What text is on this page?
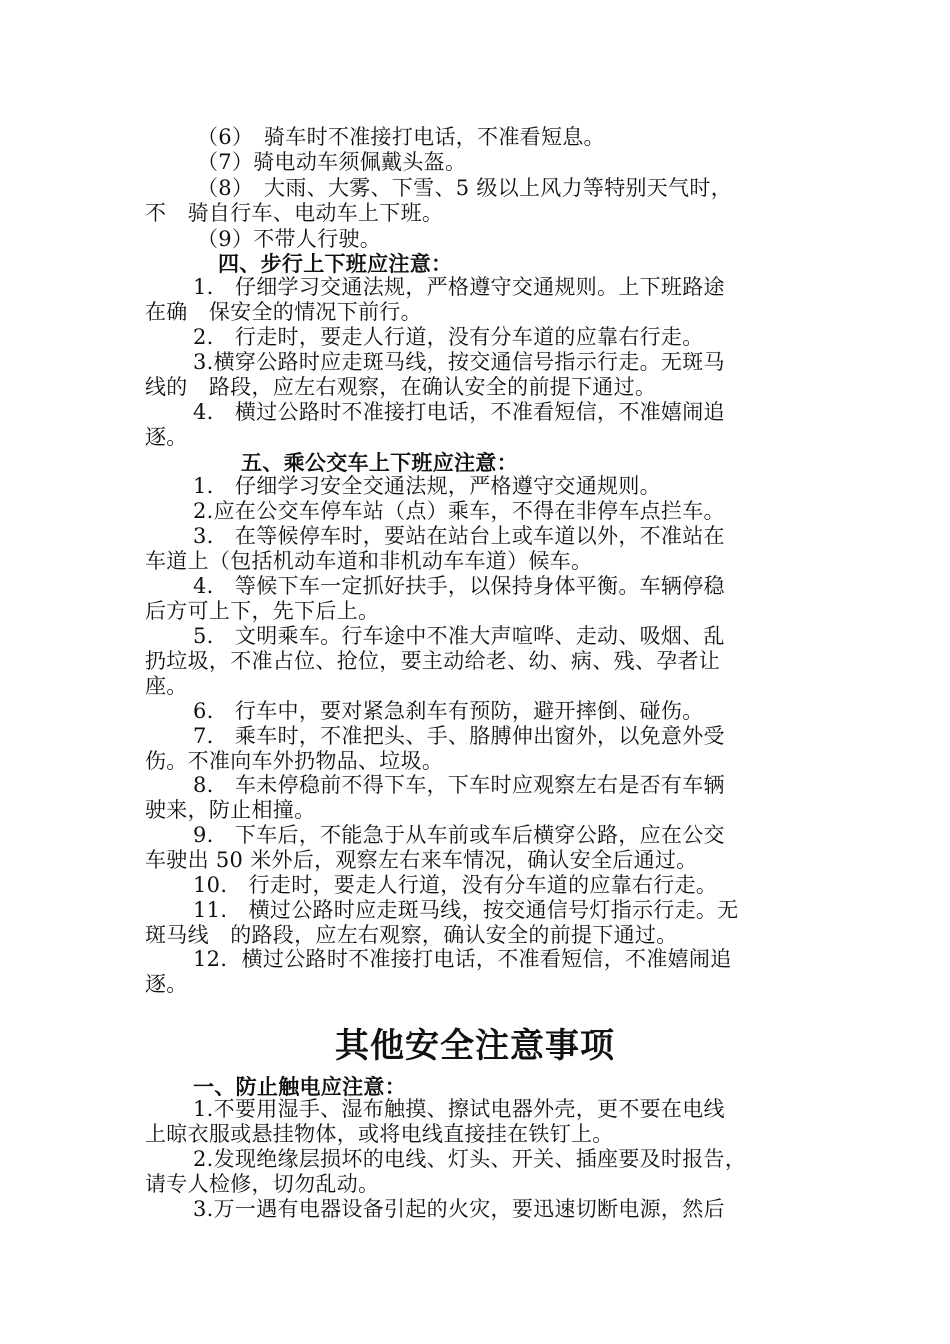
（6）　骑车时不准接打电话，不准看短息。
（7）骑电动车须佩戴头盔。
（8）　大雨、大雾、下雪、5 级以上风力等特别天气时，
不　骑自行车、电动车上下班。
（9）不带人行驶。
四、步行上下班应注意：
1.　仔细学习交通法规，严格遵守交通规则。上下班路途
在确　保安全的情况下前行。
2.　行走时，要走人行道，没有分车道的应靠右行走。
3.横穿公路时应走斑马线，按交通信号指示行走。无斑马
线的　路段，应左右观察，在确认安全的前提下通过。
4.　横过公路时不准接打电话，不准看短信，不准嬉闹追
逐。
五、乘公交车上下班应注意：
1.　仔细学习安全交通法规，严格遵守交通规则。
2.应在公交车停车站（点）乘车，不得在非停车点拦车。
3.　在等候停车时，要站在站台上或车道以外，不准站在
车道上（包括机动车道和非机动车车道）候车。
4.　等候下车一定抓好扶手，以保持身体平衡。车辆停稳
后方可上下，先下后上。
5.　文明乘车。行车途中不准大声喧哗、走动、吸烟、乱
扔垃圾，不准占位、抢位，要主动给老、幼、病、残、孕者让
座。
6.　行车中，要对紧急刹车有预防，避开摔倒、碰伤。
7.　乘车时，不准把头、手、胳膊伸出窗外，以免意外受
伤。不准向车外扔物品、垃圾。
8.　车未停稳前不得下车，下车时应观察左右是否有车辆
驶来，防止相撞。
9.　下车后，不能急于从车前或车后横穿公路，应在公交
车驶出 50 米外后，观察左右来车情况，确认安全后通过。
10.　行走时，要走人行道，没有分车道的应靠右行走。
11.　横过公路时应走斑马线，按交通信号灯指示行走。无
斑马线　的路段，应左右观察，确认安全的前提下通过。
12．横过公路时不准接打电话，不准看短信，不准嬉闹追
逐。
其他安全注意事项
一、防止触电应注意：
1.不要用湿手、湿布触摸、擦试电器外壳，更不要在电线
上晾衣服或悬挂物体，或将电线直接挂在铁钉上。
2.发现绝缘层损坏的电线、灯头、开关、插座要及时报告，
请专人检修，切勿乱动。
3.万一遇有电器设备引起的火灾，要迅速切断电源，然后
